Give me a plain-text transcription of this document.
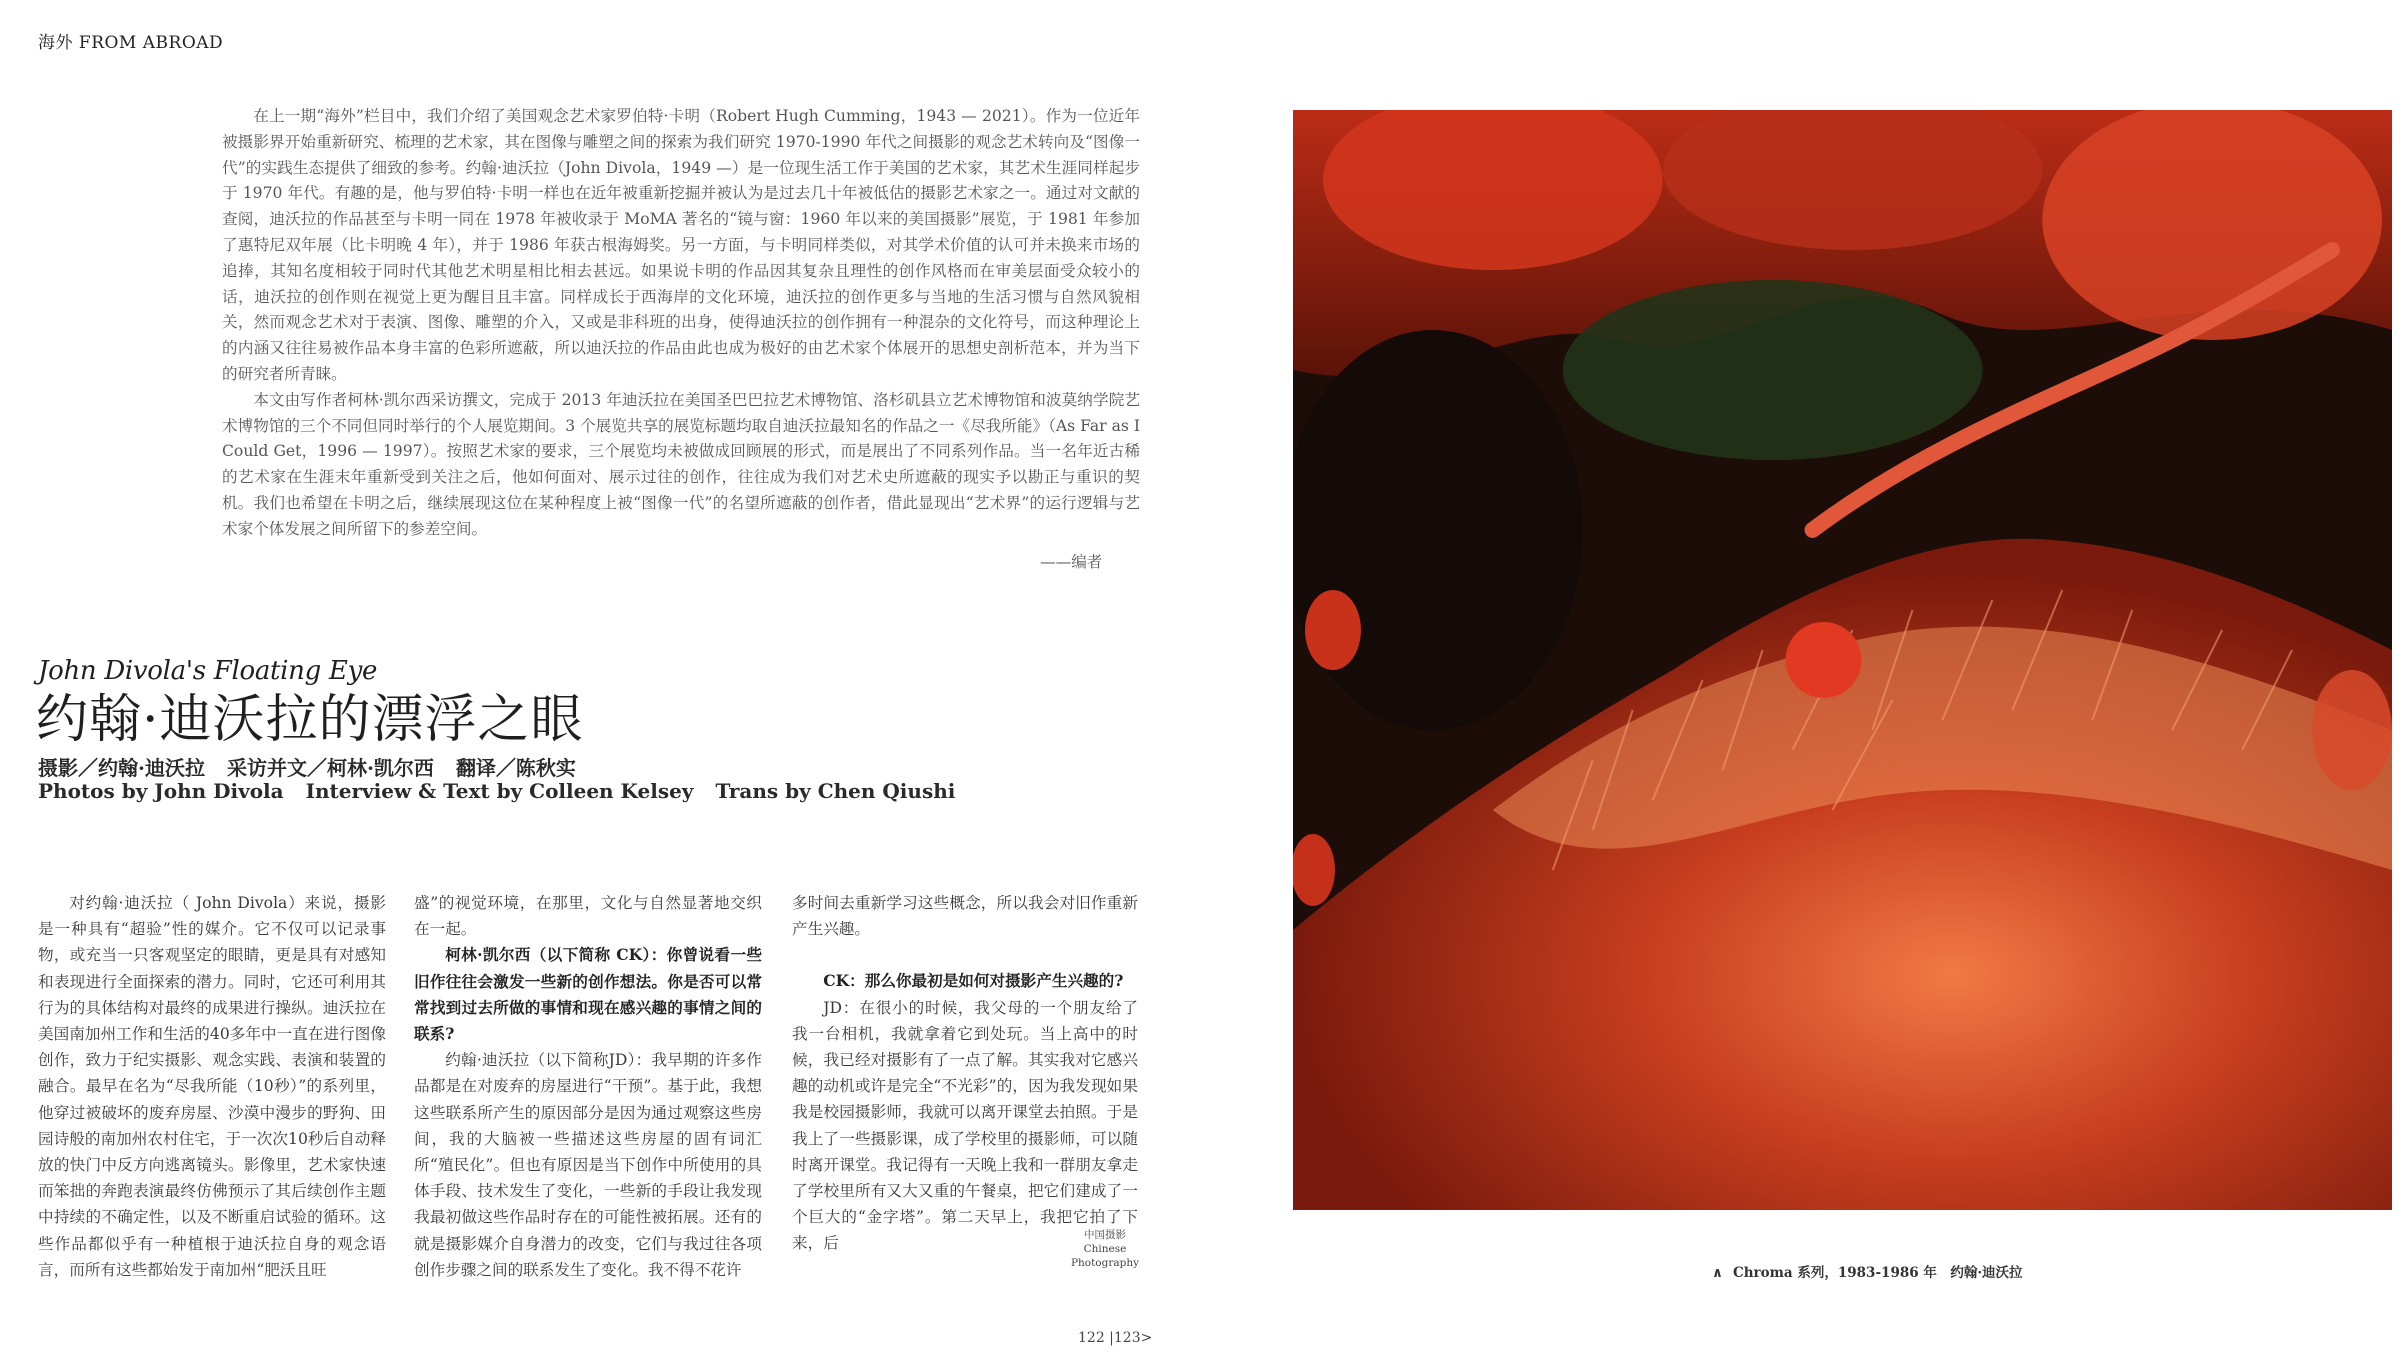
海外 FROM ABROAD

在上一期“海外”栏目中，我们介绍了美国观念艺术家罗伯特·卡明（Robert Hugh Cumming，1943 — 2021）。作为一位近年被摄影界开始重新研究、梳理的艺术家，其在图像与雕塑之间的探索为我们研究 1970-1990 年代之间摄影的观念艺术转向及“图像一代”的实践生态提供了细致的参考。约翰·迪沃拉（John Divola，1949 —）是一位现生活工作于美国的艺术家，其艺术生涯同样起步于 1970 年代。有趣的是，他与罗伯特·卡明一样也在近年被重新挖掘并被认为是过去几十年被低估的摄影艺术家之一。通过对文献的查阅，迪沃拉的作品甚至与卡明一同在 1978 年被收录于 MoMA 著名的“镜与窗：1960 年以来的美国摄影”展览，于 1981 年参加了惠特尼双年展（比卡明晚 4 年），并于 1986 年获古根海姆奖。另一方面，与卡明同样类似，对其学术价值的认可并未换来市场的追捧，其知名度相较于同时代其他艺术明星相比相去甚远。如果说卡明的作品因其复杂且理性的创作风格而在审美层面受众较小的话，迪沃拉的创作则在视觉上更为醒目且丰富。同样成长于西海岸的文化环境，迪沃拉的创作更多与当地的生活习惯与自然风貌相关，然而观念艺术对于表演、图像、雕塑的介入，又或是非科班的出身，使得迪沃拉的创作拥有一种混杂的文化符号，而这种理论上的内涵又往往易被作品本身丰富的色彩所遮蔽，所以迪沃拉的作品由此也成为极好的由艺术家个体展开的思想史剖析范本，并为当下的研究者所青睐。

本文由写作者柯林·凯尔西采访撰文，完成于 2013 年迪沃拉在美国圣巴巴拉艺术博物馆、洛杉矶县立艺术博物馆和波莫纳学院艺术博物馆的三个不同但同时举行的个人展览期间。3 个展览共享的展览标题均取自迪沃拉最知名的作品之一《尽我所能》（As Far as I Could Get，1996 — 1997）。按照艺术家的要求，三个展览均未被做成回顾展的形式，而是展出了不同系列作品。当一名年近古稀的艺术家在生涯末年重新受到关注之后，他如何面对、展示过往的创作，往往成为我们对艺术史所遮蔽的现实予以勘正与重识的契机。我们也希望在卡明之后，继续展现这位在某种程度上被“图像一代”的名望所遮蔽的创作者，借此显现出“艺术界”的运行逻辑与艺术家个体发展之间所留下的参差空间。

——编者
John Divola's Floating Eye
约翰·迪沃拉的漂浮之眼
摄影／约翰·迪沃拉 采访并文／柯林·凯尔西 翻译／陈秋实
Photos by John Divola Interview & Text by Colleen Kelsey Trans by Chen Qiushi

对约翰·迪沃拉（ John Divola）来说，摄影是一种具有“超验”性的媒介。它不仅可以记录事物，或充当一只客观坚定的眼睛，更是具有对感知和表现进行全面探索的潜力。同时，它还可利用其行为的具体结构对最终的成果进行操纵。迪沃拉在美国南加州工作和生活的40多年中一直在进行图像创作，致力于纪实摄影、观念实践、表演和装置的融合。最早在名为“尽我所能（10秒）”的系列里，他穿过被破坏的废弃房屋、沙漠中漫步的野狗、田园诗般的南加州农村住宅，于一次次10秒后自动释放的快门中反方向逃离镜头。影像里，艺术家快速而笨拙的奔跑表演最终仿佛预示了其后续创作主题中持续的不确定性，以及不断重启试验的循环。这些作品都似乎有一种植根于迪沃拉自身的观念语言，而所有这些都始发于南加州“肥沃且旺

盛”的视觉环境，在那里，文化与自然显著地交织在一起。

柯林·凯尔西（以下简称 CK）：你曾说看一些旧作往往会激发一些新的创作想法。你是否可以常常找到过去所做的事情和现在感兴趣的事情之间的联系?

约翰·迪沃拉（以下简称JD）：我早期的许多作品都是在对废弃的房屋进行“干预”。基于此，我想这些联系所产生的原因部分是因为通过观察这些房间，我的大脑被一些描述这些房屋的固有词汇所“殖民化”。但也有原因是当下创作中所使用的具体手段、技术发生了变化，一些新的手段让我发现我最初做这些作品时存在的可能性被拓展。还有的就是摄影媒介自身潜力的改变，它们与我过往各项创作步骤之间的联系发生了变化。我不得不花许

多时间去重新学习这些概念，所以我会对旧作重新产生兴趣。

CK：那么你最初是如何对摄影产生兴趣的?

JD：在很小的时候，我父母的一个朋友给了我一台相机，我就拿着它到处玩。当上高中的时候，我已经对摄影有了一点了解。其实我对它感兴趣的动机或许是完全“不光彩”的，因为我发现如果我是校园摄影师，我就可以离开课堂去拍照。于是我上了一些摄影课，成了学校里的摄影师，可以随时离开课堂。我记得有一天晚上我和一群朋友拿走了学校里所有又大又重的午餐桌，把它们建成了一个巨大的“金字塔”。第二天早上，我把它拍了下来，后	中国摄影
Chinese
Photography
122 |123>
∧ Chroma 系列，1983-1986 年　约翰·迪沃拉
